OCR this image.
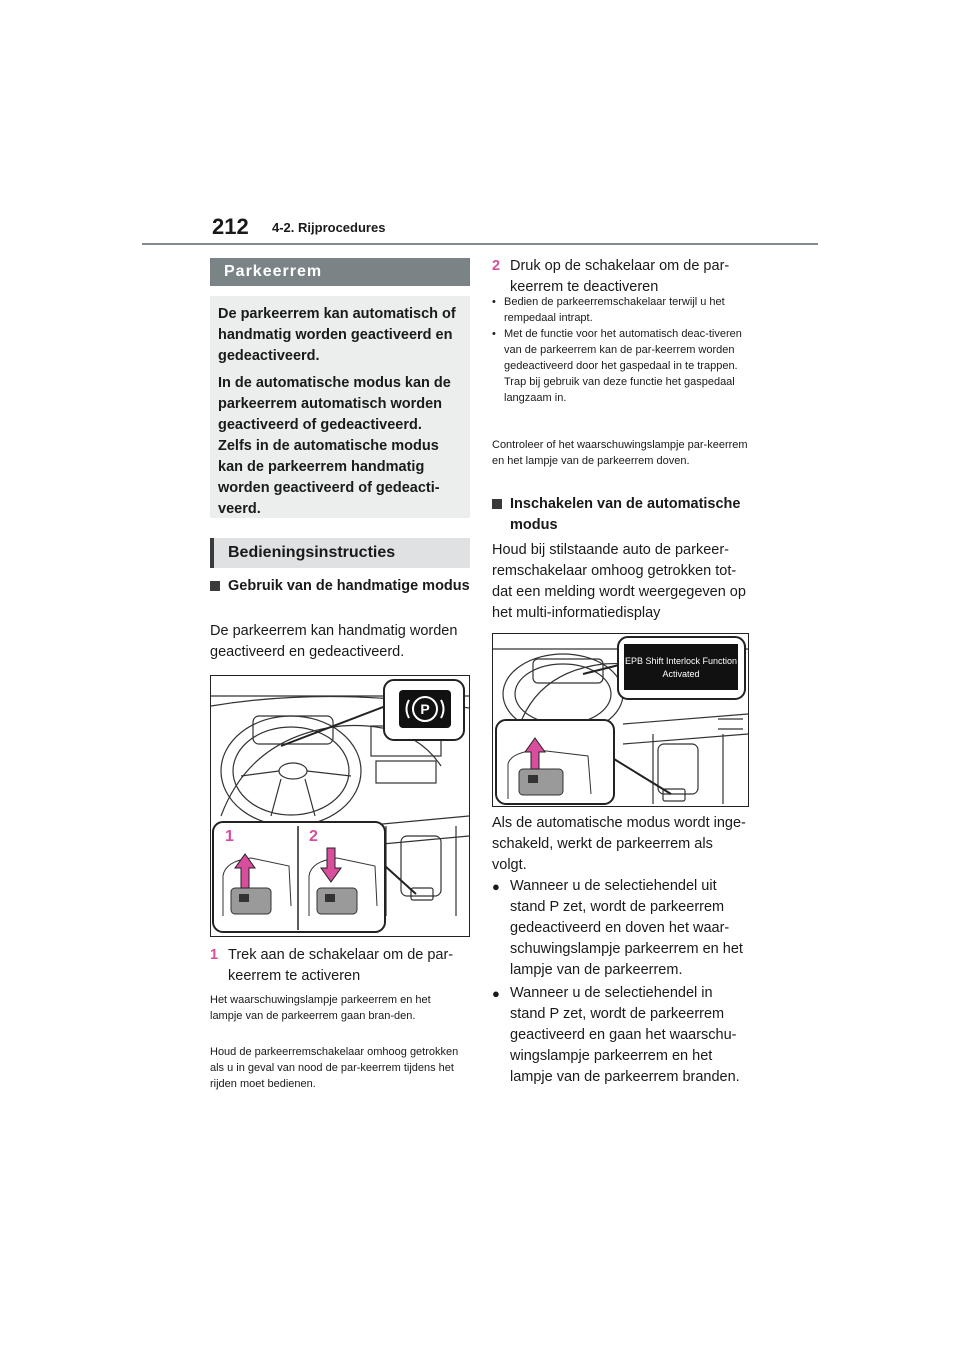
212 4-2. Rijprocedures
Parkeerrem

De parkeerrem kan automatisch of handmatig worden geactiveerd en gedeactiveerd.

In de automatische modus kan de parkeerrem automatisch worden geactiveerd of gedeactiveerd. Zelfs in de automatische modus kan de parkeerrem handmatig worden geactiveerd of gedeacti-veerd.

Bedieningsinstructies
Gebruik van de handmatige modus
De parkeerrem kan handmatig worden geactiveerd en gedeactiveerd.
P
1	2
1 Trek aan de schakelaar om de par-keerrem te activeren
Het waarschuwingslampje parkeerrem en het lampje van de parkeerrem gaan bran-den.
Houd de parkeerremschakelaar omhoog getrokken als u in geval van nood de par-keerrem tijdens het rijden moet bedienen.
2 Druk op de schakelaar om de par-keerrem te deactiveren
• Bedien de parkeerremschakelaar terwijl u het rempedaal intrapt.
• Met de functie voor het automatisch deac-tiveren van de parkeerrem kan de par-keerrem worden gedeactiveerd door het gaspedaal in te trappen. Trap bij gebruik van deze functie het gaspedaal langzaam in.
Controleer of het waarschuwingslampje par-keerrem en het lampje van de parkeerrem doven.
Inschakelen van de automatische modus
Houd bij stilstaande auto de parkeer-remschakelaar omhoog getrokken tot-dat een melding wordt weergegeven op het multi-informatiedisplay
EPB Shift Interlock Function
Activated
Als de automatische modus wordt inge-schakeld, werkt de parkeerrem als volgt.
● Wanneer u de selectiehendel uit stand P zet, wordt de parkeerrem gedeactiveerd en doven het waar-schuwingslampje parkeerrem en het lampje van de parkeerrem.
● Wanneer u de selectiehendel in stand P zet, wordt de parkeerrem geactiveerd en gaan het waarschu-wingslampje parkeerrem en het lampje van de parkeerrem branden.
